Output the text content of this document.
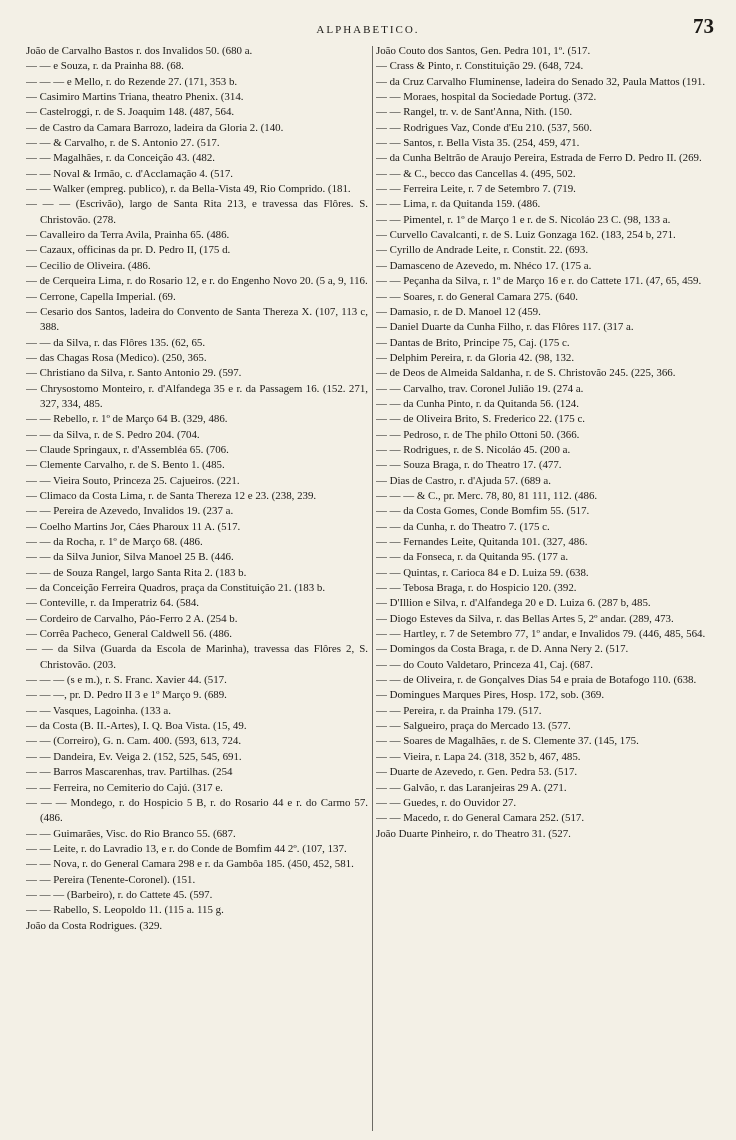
ALPHABETICO.	73

João de Carvalho Bastos r. dos Invalidos 50. (680 a.

— — e Souza, r. da Prainha 88. (68.

— — — e Mello, r. do Rezende 27. (171, 353 b.

— Casimiro Martins Triana, theatro Phenix. (314.

— Castelroggi, r. de S. Joaquim 148. (487, 564.

— de Castro da Camara Barrozo, ladeira da Gloria 2. (140.

— — & Carvalho, r. de S. Antonio 27. (517.

— — Magalhães, r. da Conceição 43. (482.

— — Noval & Irmão, c. d'Acclamação 4. (517.

— — Walker (empreg. publico), r. da Bella-Vista 49, Rio Comprido. (181.

— — — (Escrivão), largo de Santa Rita 213, e travessa das Flôres. S. Christovão. (278.

— Cavalleiro da Terra Avila, Prainha 65. (486.

— Cazaux, officinas da pr. D. Pedro II, (175 d.

— Cecilio de Oliveira. (486.

— de Cerqueira Lima, r. do Rosario 12, e r. do Engenho Novo 20. (5 a, 9, 116.

— Cerrone, Capella Imperial. (69.

— Cesario dos Santos, ladeira do Convento de Santa Thereza X. (107, 113 c, 388.

— — da Silva, r. das Flôres 135. (62, 65.

— das Chagas Rosa (Medico). (250, 365.

— Christiano da Silva, r. Santo Antonio 29. (597.

— Chrysostomo Monteiro, r. d'Alfandega 35 e r. da Passagem 16. (152. 271, 327, 334, 485.

— — Rebello, r. 1º de Março 64 B. (329, 486.

— — da Silva, r. de S. Pedro 204. (704.

— Claude Springaux, r. d'Assembléa 65. (706.

— Clemente Carvalho, r. de S. Bento 1. (485.

— — Vieira Souto, Princeza 25. Cajueiros. (221.

— Climaco da Costa Lima, r. de Santa Thereza 12 e 23. (238, 239.

— — Pereira de Azevedo, Invalidos 19. (237 a.

— Coelho Martins Jor, Cáes Pharoux 11 A. (517.

— — da Rocha, r. 1º de Março 68. (486.

— — da Silva Junior, Silva Manoel 25 B. (446.

— — de Souza Rangel, largo Santa Rita 2. (183 b.

— da Conceição Ferreira Quadros, praça da Constituição 21. (183 b.

— Conteville, r. da Imperatriz 64. (584.

— Cordeiro de Carvalho, Páo-Ferro 2 A. (254 b.

— Corrêa Pacheco, General Caldwell 56. (486.

— — da Silva (Guarda da Escola de Marinha), travessa das Flôres 2, S. Christovão. (203.

— — — (s e m.), r. S. Franc. Xavier 44. (517.

— — —, pr. D. Pedro II 3 e 1º Março 9. (689.

— — Vasques, Lagoinha. (133 a.

— da Costa (B. II.-Artes), I. Q. Boa Vista. (15, 49.

— — (Correiro), G. n. Cam. 400. (593, 613, 724.

— — Dandeira, Ev. Veiga 2. (152, 525, 545, 691.

— — Barros Mascarenhas, trav. Partilhas. (254

— — Ferreira, no Cemiterio do Cajú. (317 e.

— — — Mondego, r. do Hospicio 5 B, r. do Rosario 44 e r. do Carmo 57. (486.

— — Guimarães, Visc. do Rio Branco 55. (687.

— — Leite, r. do Lavradio 13, e r. do Conde de Bomfim 44 2º. (107, 137.

— — Nova, r. do General Camara 298 e r. da Gambôa 185. (450, 452, 581.

— — Pereira (Tenente-Coronel). (151.

— — — (Barbeiro), r. do Cattete 45. (597.

— — Rabello, S. Leopoldo 11. (115 a. 115 g.

João da Costa Rodrigues. (329.

João Couto dos Santos, Gen. Pedra 101, 1º. (517.

— Crass & Pinto, r. Constituição 29. (648, 724.

— da Cruz Carvalho Fluminense, ladeira do Senado 32, Paula Mattos (191.

— — Moraes, hospital da Sociedade Portug. (372.

— — Rangel, tr. v. de Sant'Anna, Nith. (150.

— — Rodrigues Vaz, Conde d'Eu 210. (537, 560.

— — Santos, r. Bella Vista 35. (254, 459, 471.

— da Cunha Beltrão de Araujo Pereira, Estrada de Ferro D. Pedro II. (269.

— — & C., becco das Cancellas 4. (495, 502.

— — Ferreira Leite, r. 7 de Setembro 7. (719.

— — Lima, r. da Quitanda 159. (486.

— — Pimentel, r. 1º de Março 1 e r. de S. Nicoláo 23 C. (98, 133 a.

— Curvello Cavalcanti, r. de S. Luiz Gonzaga 162. (183, 254 b, 271.

— Cyrillo de Andrade Leite, r. Constit. 22. (693.

— Damasceno de Azevedo, m. Nhéco 17. (175 a.

— — Peçanha da Silva, r. 1º de Março 16 e r. do Cattete 171. (47, 65, 459.

— — Soares, r. do General Camara 275. (640.

— Damasio, r. de D. Manoel 12 (459.

— Daniel Duarte da Cunha Filho, r. das Flôres 117. (317 a.

— Dantas de Brito, Principe 75, Caj. (175 c.

— Delphim Pereira, r. da Gloria 42. (98, 132.

— de Deos de Almeida Saldanha, r. de S. Christovão 245. (225, 366.

— — Carvalho, trav. Coronel Julião 19. (274 a.

— — da Cunha Pinto, r. da Quitanda 56. (124.

— — de Oliveira Brito, S. Frederico 22. (175 c.

— — Pedroso, r. de The philo Ottoni 50. (366.

— — Rodrigues, r. de S. Nicoláo 45. (200 a.

— — Souza Braga, r. do Theatro 17. (477.

— Dias de Castro, r. d'Ajuda 57. (689 a.

— — — & C., pr. Merc. 78, 80, 81 111, 112. (486.

— — da Costa Gomes, Conde Bomfim 55. (517.

— — da Cunha, r. do Theatro 7. (175 c.

— — Fernandes Leite, Quitanda 101. (327, 486.

— — da Fonseca, r. da Quitanda 95. (177 a.

— — Quintas, r. Carioca 84 e D. Luiza 59. (638.

— — Tebosa Braga, r. do Hospicio 120. (392.

— D'Illion e Silva, r. d'Alfandega 20 e D. Luiza 6. (287 b, 485.

— Diogo Esteves da Silva, r. das Bellas Artes 5, 2º andar. (289, 473.

— — Hartley, r. 7 de Setembro 77, 1º andar, e Invalidos 79. (446, 485, 564.

— Domingos da Costa Braga, r. de D. Anna Nery 2. (517.

— — do Couto Valdetaro, Princeza 41, Caj. (687.

— — de Oliveira, r. de Gonçalves Dias 54 e praia de Botafogo 110. (638.

— Domingues Marques Pires, Hosp. 172, sob. (369.

— — Pereira, r. da Prainha 179. (517.

— — Salgueiro, praça do Mercado 13. (577.

— — Soares de Magalhães, r. de S. Clemente 37. (145, 175.

— — Vieira, r. Lapa 24. (318, 352 b, 467, 485.

— Duarte de Azevedo, r. Gen. Pedra 53. (517.

— — Galvão, r. das Laranjeiras 29 A. (271.

— — Guedes, r. do Ouvidor 27.

— — Macedo, r. do General Camara 252. (517.

João Duarte Pinheiro, r. do Theatro 31. (527.
